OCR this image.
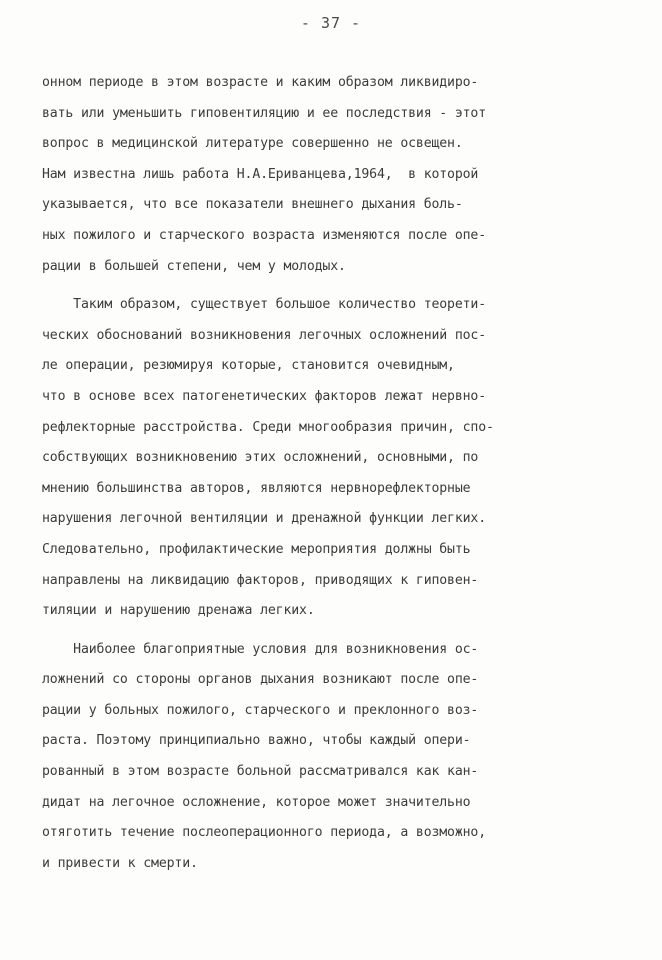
- 37 -
онном периоде в этом возрасте и каким образом ликвидиро-
вать или уменьшить гиповентиляцию и ее последствия - этот
вопрос в медицинской литературе совершенно не освещен.
Нам известна лишь работа Н.А.Ериванцева,1964,  в которой
указывается, что все показатели внешнего дыхания боль-
ных пожилого и старческого возраста изменяются после опе-
рации в большей степени, чем у молодых.
Таким образом, существует большое количество теорети-
ческих обоснований возникновения легочных осложнений пос-
ле операции, резюмируя которые, становится очевидным,
что в основе всех патогенетических факторов лежат нервно-
рефлекторные расстройства. Среди многообразия причин, спо-
собствующих возникновению этих осложнений, основными, по
мнению большинства авторов, являются нервнорефлекторные
нарушения легочной вентиляции и дренажной функции легких.
Следовательно, профилактические мероприятия должны быть
направлены на ликвидацию факторов, приводящих к гиповен-
тиляции и нарушению дренажа легких.
Наиболее благоприятные условия для возникновения ос-
ложнений со стороны органов дыхания возникают после опе-
рации у больных пожилого, старческого и преклонного воз-
раста. Поэтому принципиально важно, чтобы каждый опери-
рованный в этом возрасте больной рассматривался как кан-
дидат на легочное осложнение, которое может значительно
отяготить течение послеоперационного периода, а возможно,
и привести к смерти.
